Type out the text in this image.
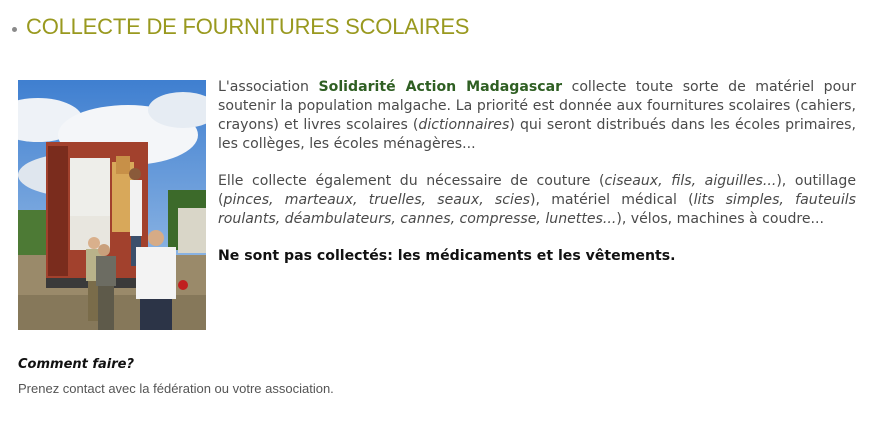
COLLECTE DE FOURNITURES SCOLAIRES

L'association Solidarité Action Madagascar collecte toute sorte de matériel pour soutenir la population malgache. La priorité est donnée aux fournitures scolaires (cahiers, crayons) et livres scolaires (dictionnaires) qui seront distribués dans les écoles primaires, les collèges, les écoles ménagères...

Elle collecte également du nécessaire de couture (ciseaux, fils, aiguilles...), outillage (pinces, marteaux, truelles, seaux, scies), matériel médical (lits simples, fauteuils roulants, déambulateurs, cannes, compresse, lunettes...), vélos, machines à coudre...

Ne sont pas collectés: les médicaments et les vêtements.

Comment faire?
Prenez contact avec la fédération ou votre association.
